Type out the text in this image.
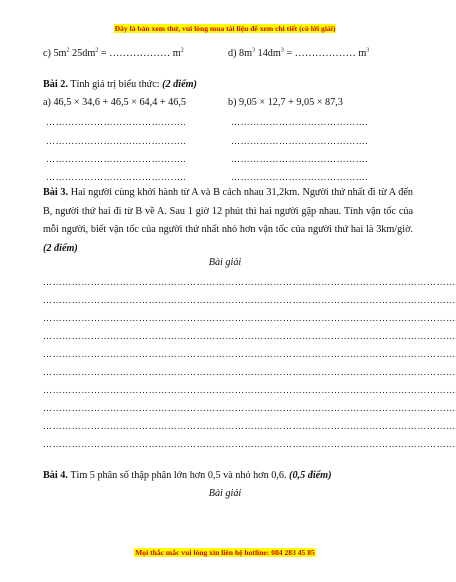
Đây là bản xem thử, vui lòng mua tài liệu để xem chi tiết (có lời giải)
c) $5m^2$ $25dm^2$ = ……………… $m^2$	d) $8m^3$ $14dm^3$ = ……………… $m^3$
Bài 2. Tính giá trị biểu thức: (2 điểm)
a) 46,5 × 34,6 + 46,5 × 64,4 + 46,5	b) 9,05 × 12,7 + 9,05 × 87,3
……………………………………..
……………………………………..
……………………………………..
……………………………………..
…………………………………….
…………………………………….
…………………………………….
…………………………………….
Bài 3. Hai người cùng khởi hành từ A và B cách nhau 31,2km. Người thứ nhất đi từ A đến B, người thứ hai đi từ B về A. Sau 1 giờ 12 phút thì hai người gặp nhau. Tính vận tốc của mỗi người, biết vận tốc của người thứ nhất nhỏ hơn vận tốc của người thứ hai là 3km/giờ. (2 điểm)
Bài giải
…………………………………………………………………………………………………………………
…………………………………………………………………………………………………………………
…………………………………………………………………………………………………………………
…………………………………………………………………………………………………………………
…………………………………………………………………………………………………………………
…………………………………………………………………………………………………………………
…………………………………………………………………………………………………………………
…………………………………………………………………………………………………………………
…………………………………………………………………………………………………………………
…………………………………………………………………………………………………………………
Bài 4. Tìm 5 phân số thập phân lớn hơn 0,5 và nhỏ hơn 0,6. (0,5 điểm)
Bài giải
Mọi thắc mắc vui lòng xin liên hệ hotline: 084 283 45 85
